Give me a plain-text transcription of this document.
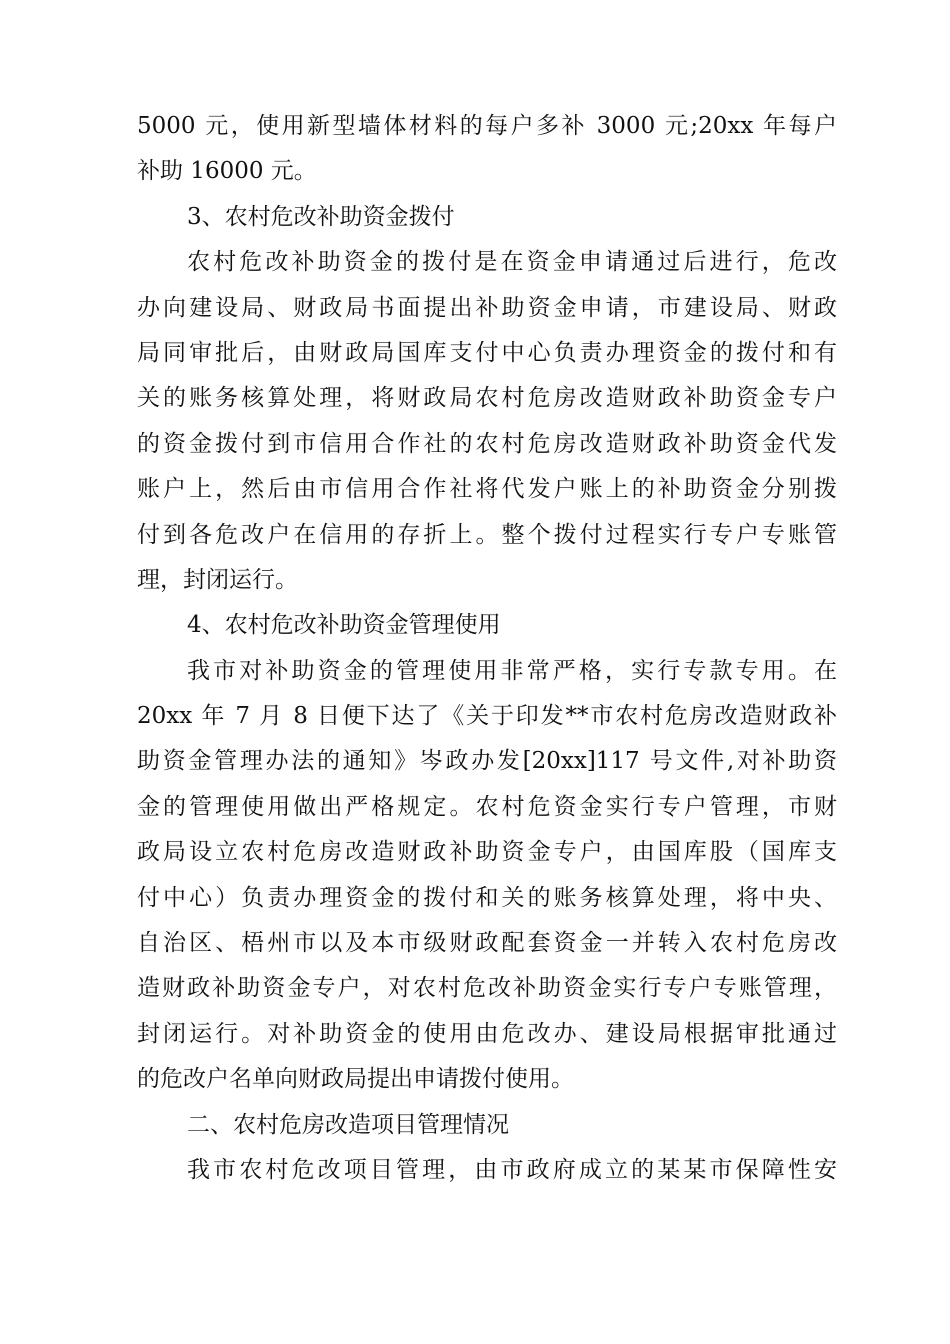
5000 元，使用新型墙体材料的每户多补 3000 元;20xx 年每户
补助 16000 元。
3、农村危改补助资金拨付
农村危改补助资金的拨付是在资金申请通过后进行，危改
办向建设局、财政局书面提出补助资金申请，市建设局、财政
局同审批后，由财政局国库支付中心负责办理资金的拨付和有
关的账务核算处理，将财政局农村危房改造财政补助资金专户
的资金拨付到市信用合作社的农村危房改造财政补助资金代发
账户上，然后由市信用合作社将代发户账上的补助资金分别拨
付到各危改户在信用的存折上。整个拨付过程实行专户专账管
理，封闭运行。
4、农村危改补助资金管理使用
我市对补助资金的管理使用非常严格，实行专款专用。在
20xx 年 7 月 8 日便下达了《关于印发**市农村危房改造财政补
助资金管理办法的通知》岑政办发[20xx]117 号文件,对补助资
金的管理使用做出严格规定。农村危资金实行专户管理，市财
政局设立农村危房改造财政补助资金专户，由国库股（国库支
付中心）负责办理资金的拨付和关的账务核算处理，将中央、
自治区、梧州市以及本市级财政配套资金一并转入农村危房改
造财政补助资金专户，对农村危改补助资金实行专户专账管理，
封闭运行。对补助资金的使用由危改办、建设局根据审批通过
的危改户名单向财政局提出申请拨付使用。
二、农村危房改造项目管理情况
我市农村危改项目管理，由市政府成立的某某市保障性安
